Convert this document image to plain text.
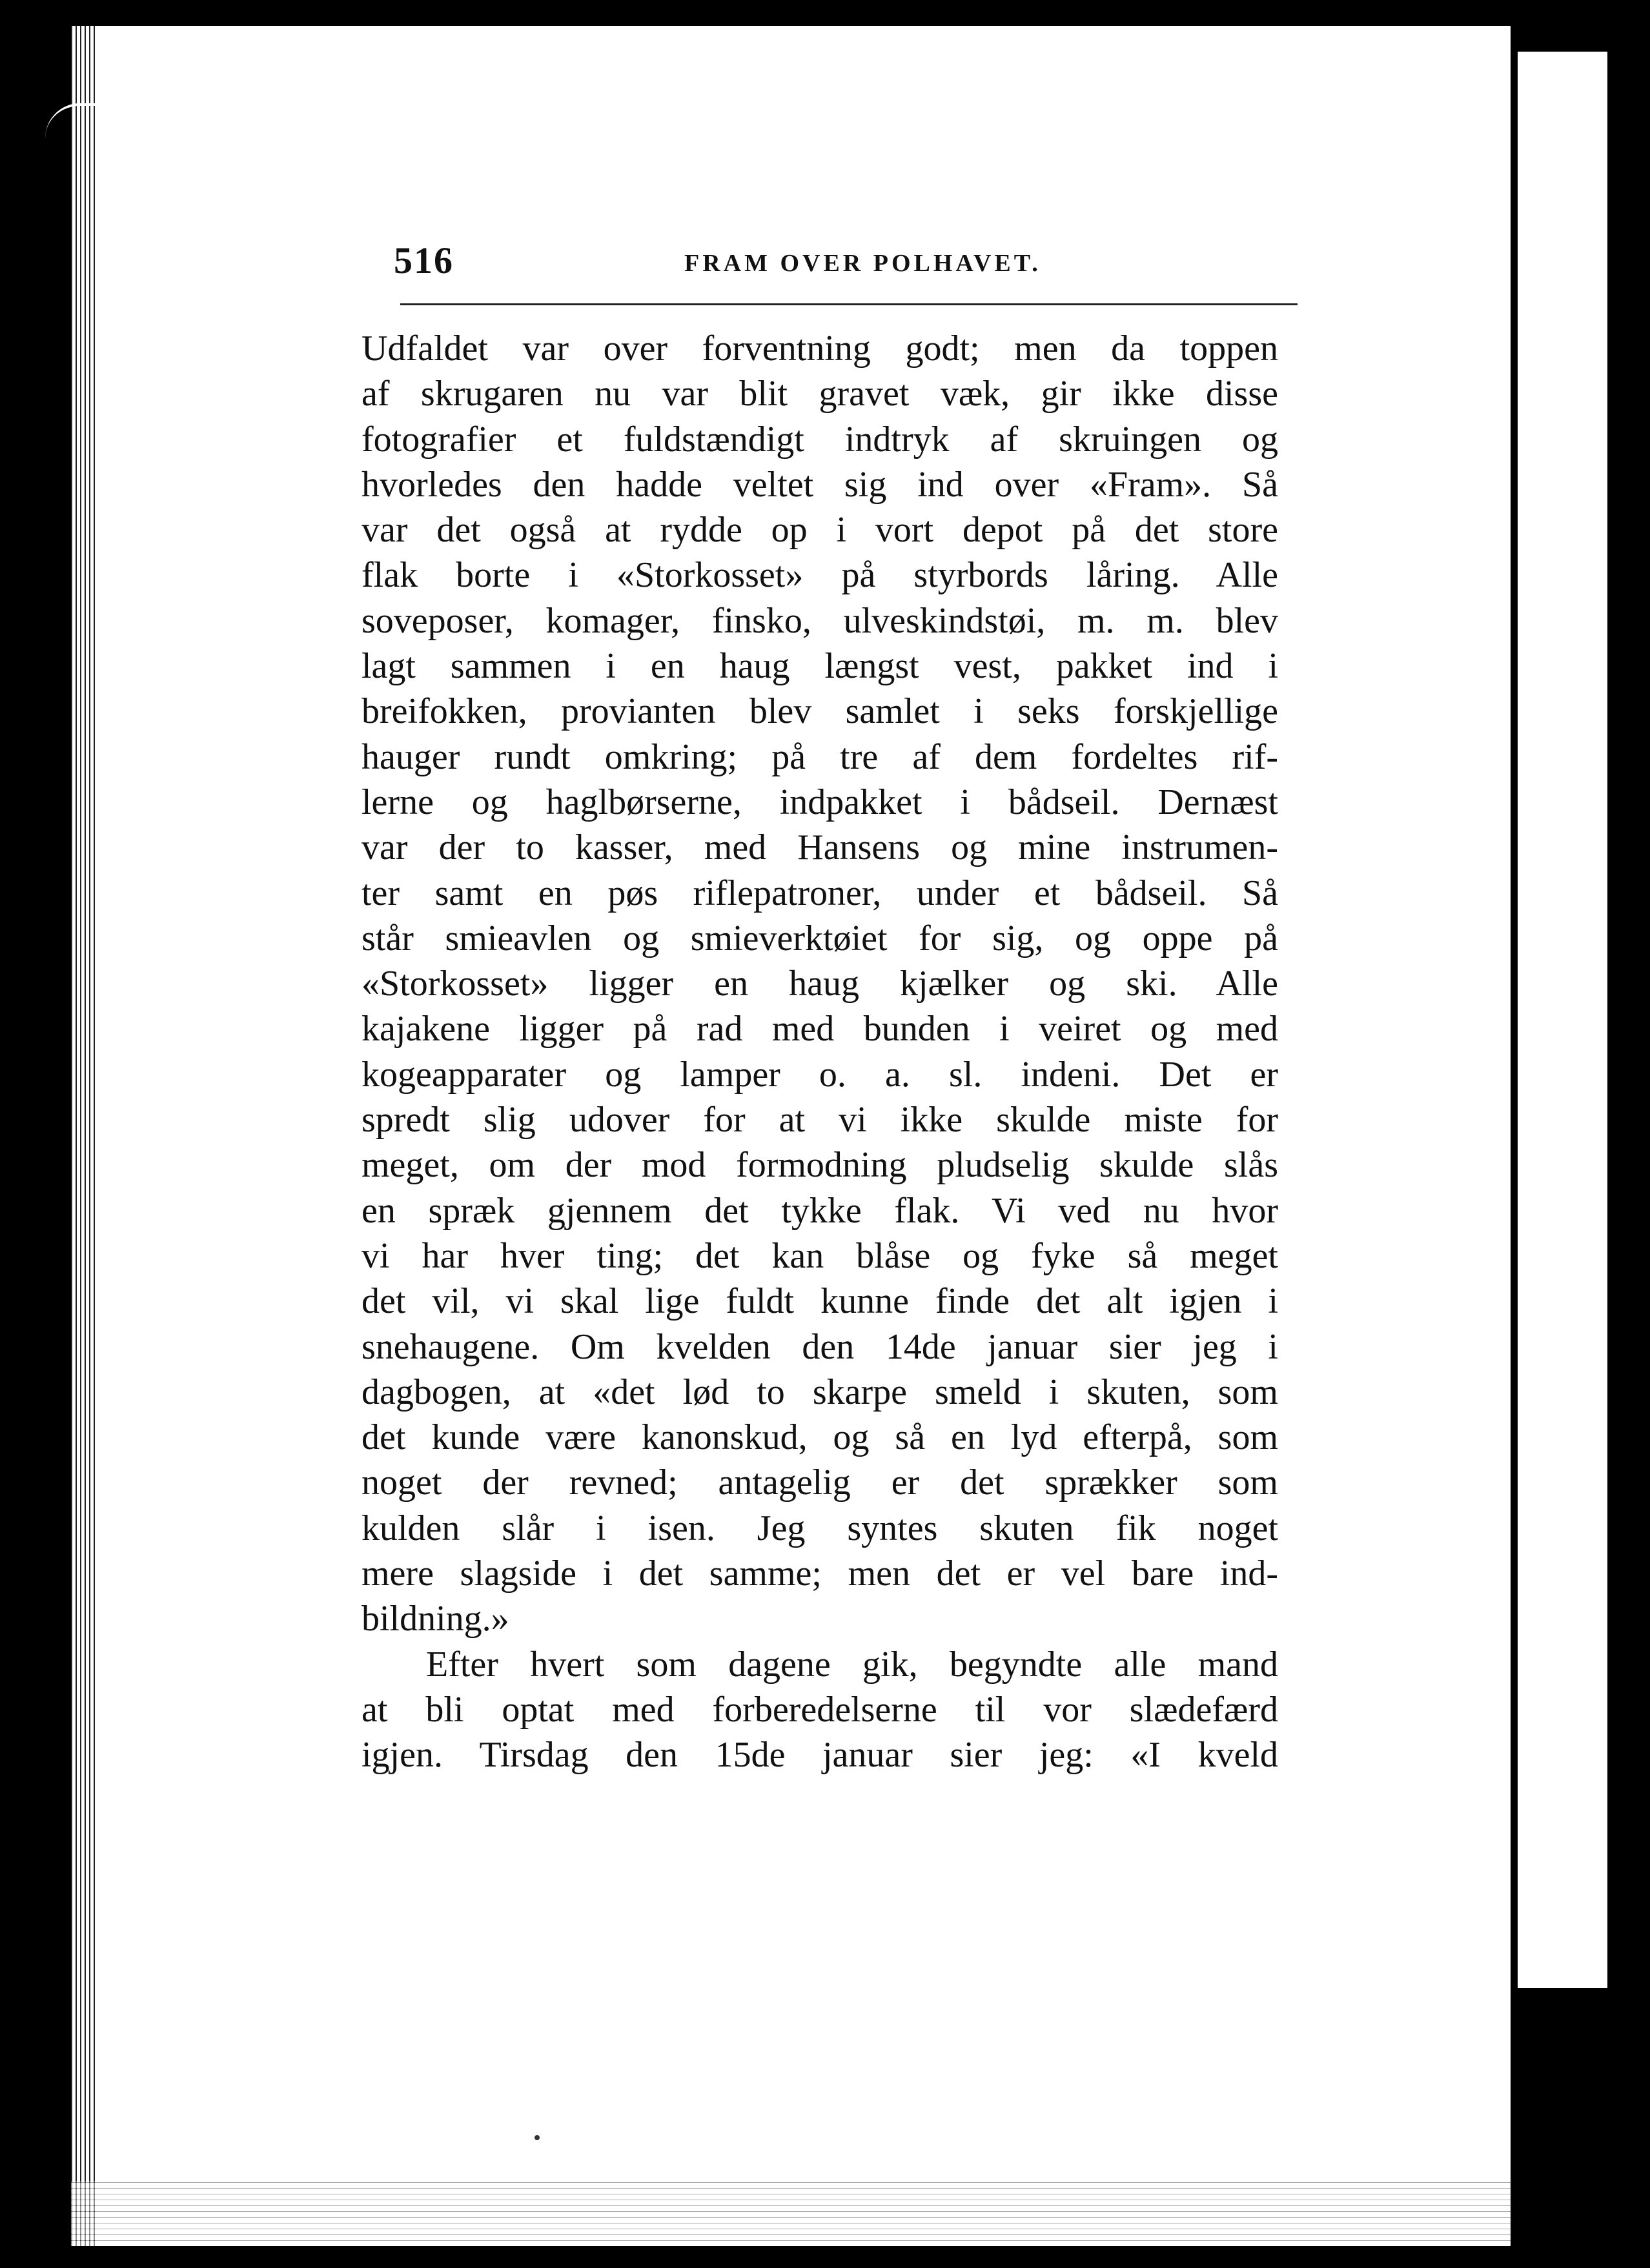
516	FRAM OVER POLHAVET.
Udfaldet var over forventning godt; men da toppen
af skrugaren nu var blit gravet væk, gir ikke disse
fotografier et fuldstændigt indtryk af skruingen og
hvorledes den hadde veltet sig ind over «Fram». Så
var det også at rydde op i vort depot på det store
flak borte i «Storkosset» på styrbords låring. Alle
soveposer, komager, finsko, ulveskindstøi, m. m. blev
lagt sammen i en haug længst vest, pakket ind i
breifokken, provianten blev samlet i seks forskjellige
hauger rundt omkring; på tre af dem fordeltes rif-
lerne og haglbørserne, indpakket i bådseil. Dernæst
var der to kasser, med Hansens og mine instrumen-
ter samt en pøs riflepatroner, under et bådseil. Så
står smieavlen og smieverktøiet for sig, og oppe på
«Storkosset» ligger en haug kjælker og ski. Alle
kajakene ligger på rad med bunden i veiret og med
kogeapparater og lamper o. a. sl. indeni. Det er
spredt slig udover for at vi ikke skulde miste for
meget, om der mod formodning pludselig skulde slås
en spræk gjennem det tykke flak. Vi ved nu hvor
vi har hver ting; det kan blåse og fyke så meget
det vil, vi skal lige fuldt kunne finde det alt igjen i
snehaugene. Om kvelden den 14de januar sier jeg i
dagbogen, at «det lød to skarpe smeld i skuten, som
det kunde være kanonskud, og så en lyd efterpå, som
noget der revned; antagelig er det sprækker som
kulden slår i isen. Jeg syntes skuten fik noget
mere slagside i det samme; men det er vel bare ind-
bildning.»
Efter hvert som dagene gik, begyndte alle mand
at bli optat med forberedelserne til vor slædefærd
igjen. Tirsdag den 15de januar sier jeg: «I kveld
